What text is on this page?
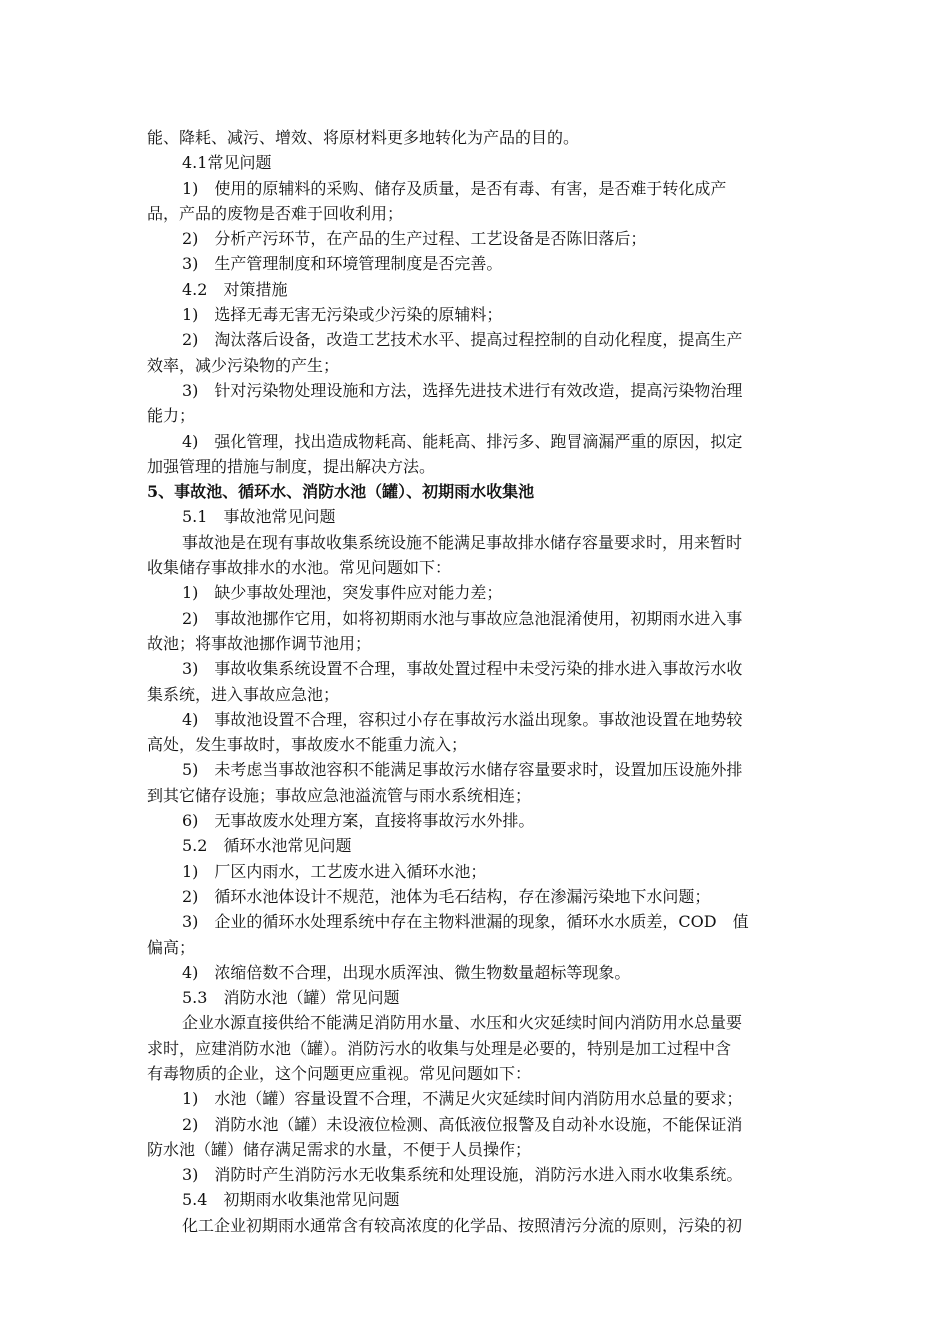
能、降耗、减污、增效、将原材料更多地转化为产品的目的。
4.1常见问题
1)　使用的原辅料的采购、储存及质量，是否有毒、有害，是否难于转化成产
品，产品的废物是否难于回收利用；
2)　分析产污环节，在产品的生产过程、工艺设备是否陈旧落后；
3)　生产管理制度和环境管理制度是否完善。
4.2　对策措施
1)　选择无毒无害无污染或少污染的原辅料；
2)　淘汰落后设备，改造工艺技术水平、提高过程控制的自动化程度，提高生产
效率，减少污染物的产生；
3)　针对污染物处理设施和方法，选择先进技术进行有效改造，提高污染物治理
能力；
4)　强化管理，找出造成物耗高、能耗高、排污多、跑冒滴漏严重的原因，拟定
加强管理的措施与制度，提出解决方法。
5、事故池、循环水、消防水池（罐）、初期雨水收集池
5.1　事故池常见问题
事故池是在现有事故收集系统设施不能满足事故排水储存容量要求时，用来暂时
收集储存事故排水的水池。常见问题如下：
1)　缺少事故处理池，突发事件应对能力差；
2)　事故池挪作它用，如将初期雨水池与事故应急池混淆使用，初期雨水进入事
故池；将事故池挪作调节池用；
3)　事故收集系统设置不合理，事故处置过程中未受污染的排水进入事故污水收
集系统，进入事故应急池；
4)　事故池设置不合理，容积过小存在事故污水溢出现象。事故池设置在地势较
高处，发生事故时，事故废水不能重力流入；
5)　未考虑当事故池容积不能满足事故污水储存容量要求时，设置加压设施外排
到其它储存设施；事故应急池溢流管与雨水系统相连；
6)　无事故废水处理方案，直接将事故污水外排。
5.2　循环水池常见问题
1)　厂区内雨水，工艺废水进入循环水池；
2)　循环水池体设计不规范，池体为毛石结构，存在渗漏污染地下水问题；
3)　企业的循环水处理系统中存在主物料泄漏的现象，循环水水质差，COD　值
偏高；
4)　浓缩倍数不合理，出现水质浑浊、微生物数量超标等现象。
5.3　消防水池（罐）常见问题
企业水源直接供给不能满足消防用水量、水压和火灾延续时间内消防用水总量要
求时，应建消防水池（罐）。消防污水的收集与处理是必要的，特别是加工过程中含
有毒物质的企业，这个问题更应重视。常见问题如下：
1)　水池（罐）容量设置不合理，不满足火灾延续时间内消防用水总量的要求；
2)　消防水池（罐）未设液位检测、高低液位报警及自动补水设施，不能保证消
防水池（罐）储存满足需求的水量，不便于人员操作；
3)　消防时产生消防污水无收集系统和处理设施，消防污水进入雨水收集系统。
5.4　初期雨水收集池常见问题
化工企业初期雨水通常含有较高浓度的化学品、按照清污分流的原则，污染的初
